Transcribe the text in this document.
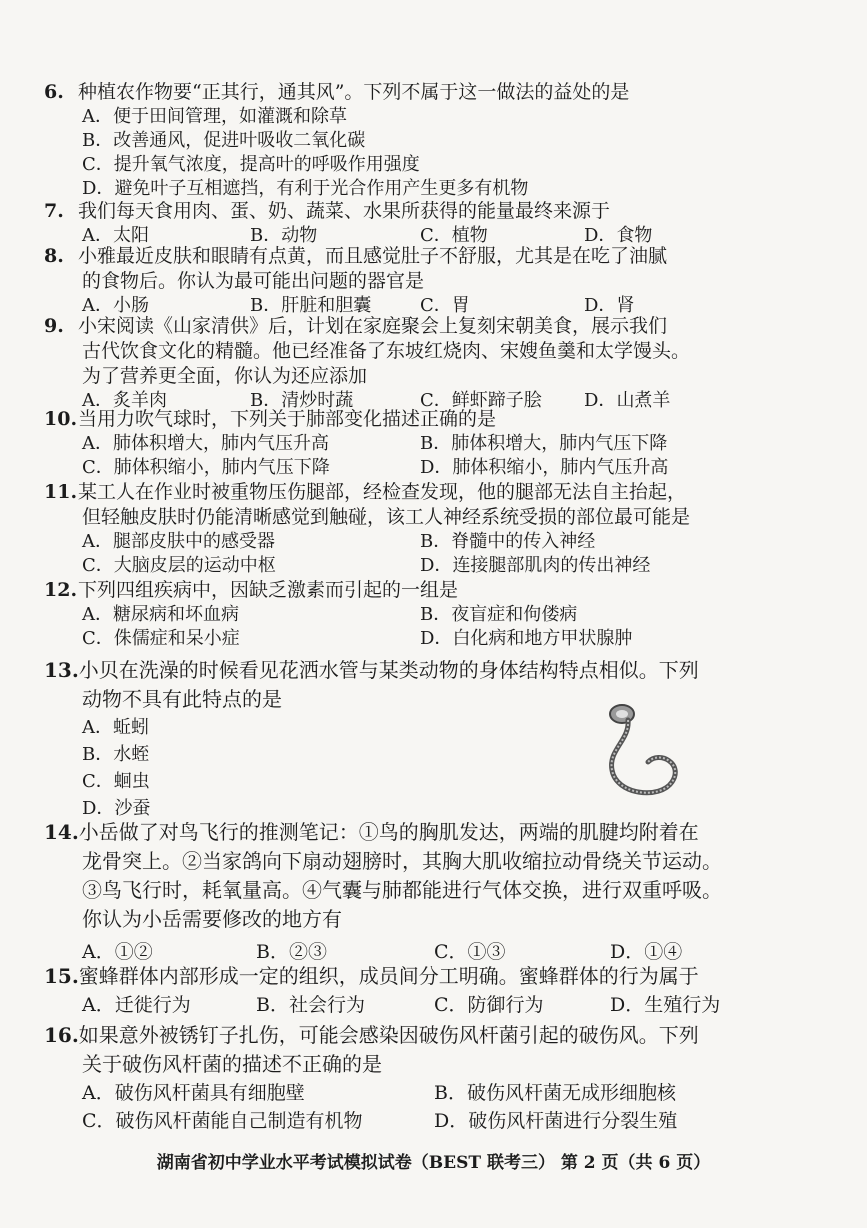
6. 种植农作物要“正其行，通其风”。下列不属于这一做法的益处的是
A．便于田间管理，如灌溉和除草
B．改善通风，促进叶吸收二氧化碳
C．提升氧气浓度，提高叶的呼吸作用强度
D．避免叶子互相遮挡，有利于光合作用产生更多有机物
7. 我们每天食用肉、蛋、奶、蔬菜、水果所获得的能量最终来源于
A．太阳	B．动物	C．植物	D．食物
8. 小雅最近皮肤和眼睛有点黄，而且感觉肚子不舒服，尤其是在吃了油腻
的食物后。你认为最可能出问题的器官是
A．小肠	B．肝脏和胆囊	C．胃	D．肾
9. 小宋阅读《山家清供》后，计划在家庭聚会上复刻宋朝美食，展示我们
古代饮食文化的精髓。他已经准备了东坡红烧肉、宋嫂鱼羹和太学馒头。
为了营养更全面，你认为还应添加
A．炙羊肉	B．清炒时蔬	C．鲜虾蹄子脍 D．山煮羊
10.当用力吹气球时，下列关于肺部变化描述正确的是
A．肺体积增大，肺内气压升高	B．肺体积增大，肺内气压下降
C．肺体积缩小，肺内气压下降	D．肺体积缩小，肺内气压升高
11.某工人在作业时被重物压伤腿部，经检查发现，他的腿部无法自主抬起，
但轻触皮肤时仍能清晰感觉到触碰，该工人神经系统受损的部位最可能是
A．腿部皮肤中的感受器	B．脊髓中的传入神经
C．大脑皮层的运动中枢	D．连接腿部肌肉的传出神经
12.下列四组疾病中，因缺乏激素而引起的一组是
A．糖尿病和坏血病	B．夜盲症和佝偻病
C．侏儒症和呆小症	D．白化病和地方甲状腺肿
13.小贝在洗澡的时候看见花洒水管与某类动物的身体结构特点相似。下列
动物不具有此特点的是
A．蚯蚓
B．水蛭
C．蛔虫
D．沙蚕
14.小岳做了对鸟飞行的推测笔记：①鸟的胸肌发达，两端的肌腱均附着在
龙骨突上。②当家鸽向下扇动翅膀时，其胸大肌收缩拉动骨绕关节运动。
③鸟飞行时，耗氧量高。④气囊与肺都能进行气体交换，进行双重呼吸。
你认为小岳需要修改的地方有
A．①②	B．②③	C．①③	D．①④
15.蜜蜂群体内部形成一定的组织，成员间分工明确。蜜蜂群体的行为属于
A．迁徙行为	B．社会行为	C．防御行为	D．生殖行为
16.如果意外被锈钉子扎伤，可能会感染因破伤风杆菌引起的破伤风。下列
关于破伤风杆菌的描述不正确的是
A．破伤风杆菌具有细胞壁	B．破伤风杆菌无成形细胞核
C．破伤风杆菌能自己制造有机物	D．破伤风杆菌进行分裂生殖
湖南省初中学业水平考试模拟试卷（BEST 联考三） 第 2 页（共 6 页）
